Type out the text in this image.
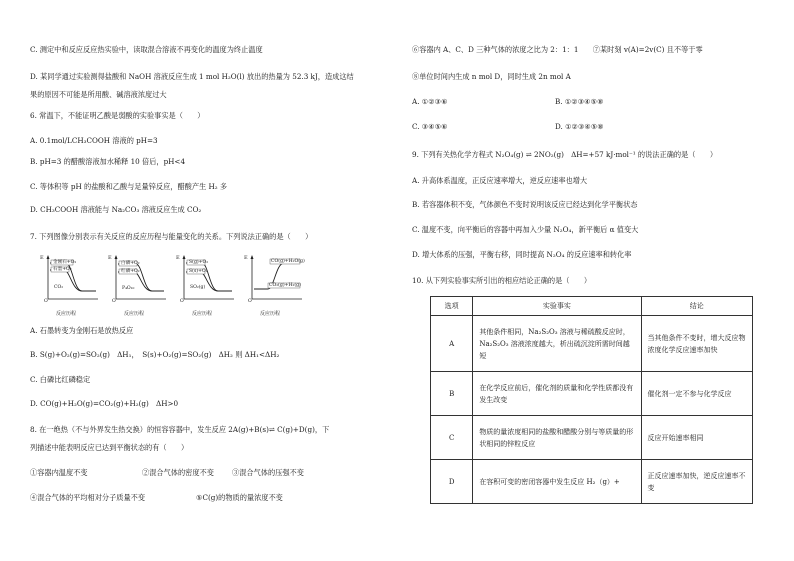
C. 测定中和反应反应热实验中，读取混合溶液不再变化的温度为终止温度
D. 某同学通过实验测得盐酸和 NaOH 溶液反应生成 1 mol H₂O(l) 放出的热量为 52.3 kJ，造成这结
果的原因不可能是所用酸、碱溶液浓度过大
6. 常温下，不能证明乙酸是弱酸的实验事实是（　　）
A. 0.1mol/LCH₃COOH 溶液的 pH=3
B. pH=3 的醋酸溶液加水稀释 10 倍后，pH<4
C. 等体积等 pH 的盐酸和乙酸与足量锌反应，醋酸产生 H₂ 多
D. CH₃COOH 溶液能与 Na₂CO₃ 溶液反应生成 CO₂
7. 下列图像分别表示有关反应的反应历程与能量变化的关系。下列说法正确的是（　　）
金刚石+O₂
石墨+O₂
CO₂
E
O
反应历程
白磷+O₂
红磷+O₂
P₄O₁₀
E
O
反应历程
S(g)+O₂
S(s)+O₂
SO₂(g)
E
O
反应历程
CO(g)+H₂O(g)
CO₂(g)+H₂(g)
E
O
反应历程
A. 石墨转变为金刚石是放热反应
B. S(g)+O₂(g)=SO₂(g)　ΔH₁，　S(s)+O₂(g)=SO₂(g)　ΔH₂ 则 ΔH₁<ΔH₂
C. 白磷比红磷稳定
D. CO(g)+H₂O(g)=CO₂(g)+H₂(g)　ΔH>0
8. 在一绝热（不与外界发生热交换）的恒容容器中，发生反应 2A(g)+B(s)⇌ C(g)+D(g)，下
列描述中能表明反应已达到平衡状态的有（　　）
①容器内温度不变	②混合气体的密度不变	③混合气体的压强不变
④混合气体的平均相对分子质量不变	⑤C(g)的物质的量浓度不变
⑥容器内 A、C、D 三种气体的浓度之比为 2：1：1　　⑦某时刻 v(A)=2v(C) 且不等于零
⑧单位时间内生成 n mol D，同时生成 2n mol A
A. ①②③⑥	B. ①②③④⑤⑧
C. ③④⑤⑥	D. ①②③④⑤⑧
9. 下列有关热化学方程式 N₂O₄(g) ⇌ 2NO₂(g)　ΔH=+57 kJ·mol⁻¹ 的说法正确的是（　　）
A. 升高体系温度，正反应速率增大，逆反应速率也增大
B. 若容器体积不变，气体颜色不变时说明该反应已经达到化学平衡状态
C. 温度不变，向平衡后的容器中再加入少量 N₂O₄，新平衡后 α 值变大
D. 增大体系的压强，平衡右移，同时提高 N₂O₄ 的反应速率和转化率
10. 从下列实验事实所引出的相应结论正确的是（　　）
选项	实验事实	结论
A	其他条件相同，Na₂S₂O₃ 溶液与稀硫酸反应时，Na₂S₂O₃ 溶液浓度越大，析出硫沉淀所需时间越短	当其他条件不变时，增大反应物浓度化学反应速率加快
B	在化学反应前后，催化剂的质量和化学性质都没有发生改变	催化剂一定不参与化学反应
C	物质的量浓度相同的盐酸和醋酸分别与等质量的形状相同的锌粒反应	反应开始速率相同
D	在容积可变的密闭容器中发生反应 H₂（g）+	正反应速率加快，逆反应速率不变
